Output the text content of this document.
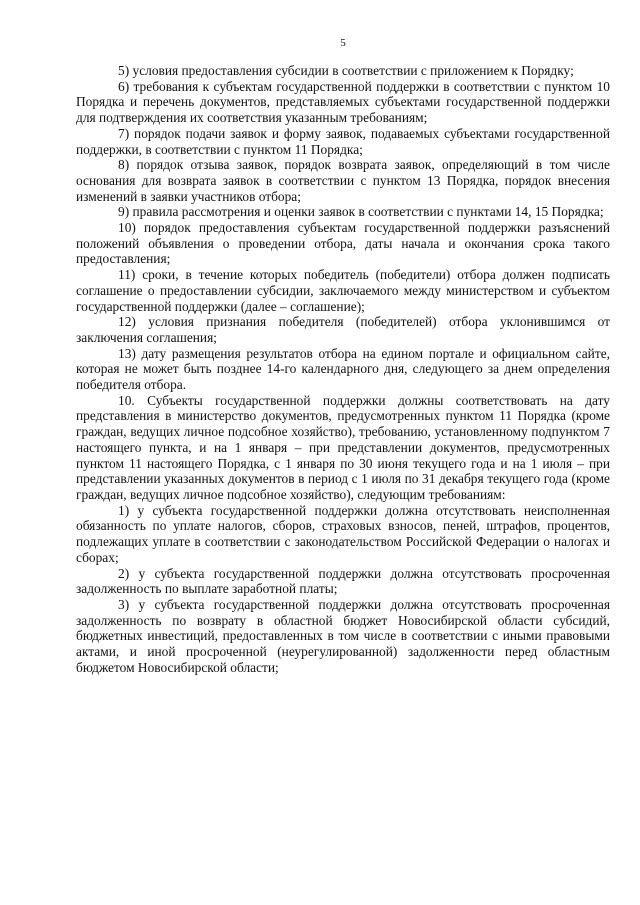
5

5) условия предоставления субсидии в соответствии с приложением к Порядку;

6) требования к субъектам государственной поддержки в соответствии с пунктом 10 Порядка и перечень документов, представляемых субъектами государственной поддержки для подтверждения их соответствия указанным требованиям;

7) порядок подачи заявок и форму заявок, подаваемых субъектами государственной поддержки, в соответствии с пунктом 11 Порядка;

8) порядок отзыва заявок, порядок возврата заявок, определяющий в том числе основания для возврата заявок в соответствии с пунктом 13 Порядка, порядок внесения изменений в заявки участников отбора;

9) правила рассмотрения и оценки заявок в соответствии с пунктами 14, 15 Порядка;

10) порядок предоставления субъектам государственной поддержки разъяснений положений объявления о проведении отбора, даты начала и окончания срока такого предоставления;

11) сроки, в течение которых победитель (победители) отбора должен подписать соглашение о предоставлении субсидии, заключаемого между министерством и субъектом государственной поддержки (далее – соглашение);

12) условия признания победителя (победителей) отбора уклонившимся от заключения соглашения;

13) дату размещения результатов отбора на едином портале и официальном сайте, которая не может быть позднее 14-го календарного дня, следующего за днем определения победителя отбора.

10. Субъекты государственной поддержки должны соответствовать на дату представления в министерство документов, предусмотренных пунктом 11 Порядка (кроме граждан, ведущих личное подсобное хозяйство), требованию, установленному подпунктом 7 настоящего пункта, и на 1 января – при представлении документов, предусмотренных пунктом 11 настоящего Порядка, с 1 января по 30 июня текущего года и на 1 июля – при представлении указанных документов в период с 1 июля по 31 декабря текущего года (кроме граждан, ведущих личное подсобное хозяйство), следующим требованиям:

1) у субъекта государственной поддержки должна отсутствовать неисполненная обязанность по уплате налогов, сборов, страховых взносов, пеней, штрафов, процентов, подлежащих уплате в соответствии с законодательством Российской Федерации о налогах и сборах;

2) у субъекта государственной поддержки должна отсутствовать просроченная задолженность по выплате заработной платы;

3) у субъекта государственной поддержки должна отсутствовать просроченная задолженность по возврату в областной бюджет Новосибирской области субсидий, бюджетных инвестиций, предоставленных в том числе в соответствии с иными правовыми актами, и иной просроченной (неурегулированной) задолженности перед областным бюджетом Новосибирской области;
